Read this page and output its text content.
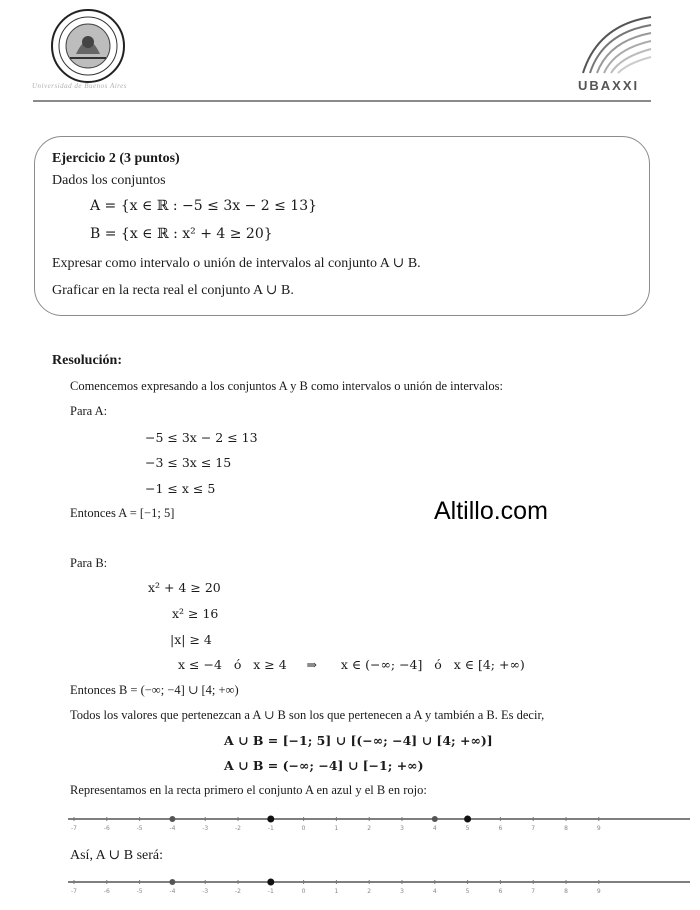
Universidad de Buenos Aires	UBAXXI
Ejercicio 2 (3 puntos)
Dados los conjuntos
A = {x ∈ ℝ : −5 ≤ 3x − 2 ≤ 13}
B = {x ∈ ℝ : x² + 4 ≥ 20}
Expresar como intervalo o unión de intervalos al conjunto A ∪ B.
Graficar en la recta real el conjunto A ∪ B.
Resolución:
Comencemos expresando a los conjuntos A y B como intervalos o unión de intervalos:
Para A:
−5 ≤ 3x − 2 ≤ 13
−3 ≤ 3x ≤ 15
−1 ≤ x ≤ 5
Entonces A = [−1; 5]	Altillo.com
Para B:
x² + 4 ≥ 20
x² ≥ 16
|x| ≥ 4
x ≤ −4   ó   x ≥ 4     ⇒      x ∈ (−∞; −4]   ó   x ∈ [4; +∞)
Entonces B = (−∞; −4] ∪ [4; +∞)
Todos los valores que pertenezcan a A ∪ B son los que pertenecen a A y también a B. Es decir,
A ∪ B = [−1; 5] ∪ [(−∞; −4] ∪ [4; +∞)]
A ∪ B = (−∞; −4] ∪ [−1; +∞)
Representamos en la recta primero el conjunto A en azul y el B en rojo:
-7	-6	-5	-4	-3	-2	-1	0	1	2	3	4	5	6	7	8	9
Así, A ∪ B será:
-7	-6	-5	-4	-3	-2	-1	0	1	2	3	4	5	6	7	8	9
